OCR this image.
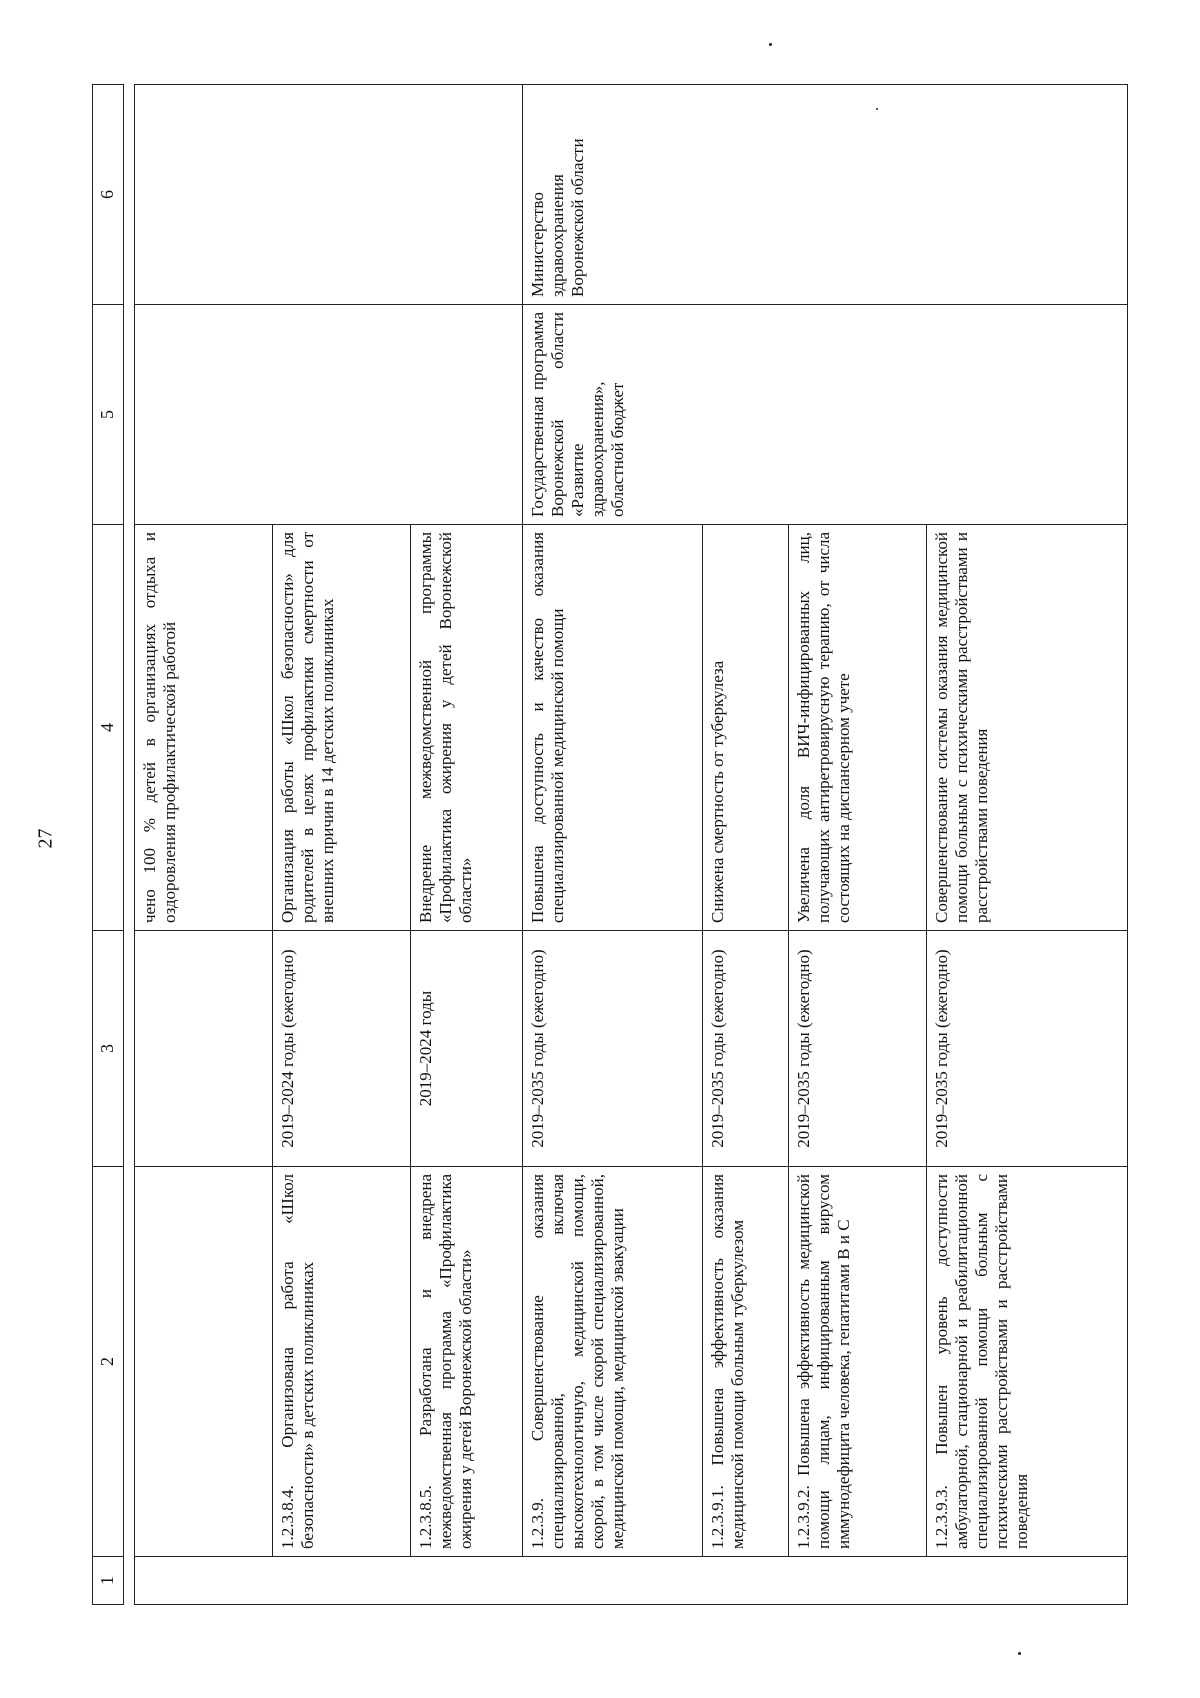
27
1	2	3	4	5	6

			чено 100 % детей в организациях отдыха и оздоровления профилактической работой		
	1.2.3.8.4. Организована работа «Школ безопасности» в детских поликлиниках	2019–2024 годы (ежегодно)	Организация работы «Школ безопасности» для родителей в целях профилактики смертности от внешних причин в 14 детских поликлиниках		
	1.2.3.8.5. Разработана и внедрена межведомственная программа «Профилактика ожирения у детей Воронежской области»	2019–2024 годы	Внедрение межведомственной программы «Профилактика ожирения у детей Воронежской области»		
	1.2.3.9. Совершенствование оказания специализированной, включая высокотехнологичную, медицинской помощи, скорой, в том числе скорой специализированной, медицинской помощи, медицинской эвакуации	2019–2035 годы (ежегодно)	Повышена доступность и качество оказания специализированной медицинской помощи	Государственная программа Воронежской области «Развитие здравоохранения», областной бюджет	Министерство здравоохранения Воронежской области
	1.2.3.9.1. Повышена эффективность оказания медицинской помощи больным туберкулезом	2019–2035 годы (ежегодно)	Снижена смертность от туберкулеза		
	1.2.3.9.2. Повышена эффективность медицинской помощи лицам, инфицированным вирусом иммунодефицита человека, гепатитами В и С	2019–2035 годы (ежегодно)	Увеличена доля ВИЧ-инфицированных лиц, получающих антиретровирусную терапию, от числа состоящих на диспансерном учете		
	1.2.3.9.3. Повышен уровень доступности амбулаторной, стационарной и реабилитационной специализированной помощи больным с психическими расстройствами и расстройствами поведения	2019–2035 годы (ежегодно)	Совершенствование системы оказания медицинской помощи больным с психическими расстройствами и расстройствами поведения		
